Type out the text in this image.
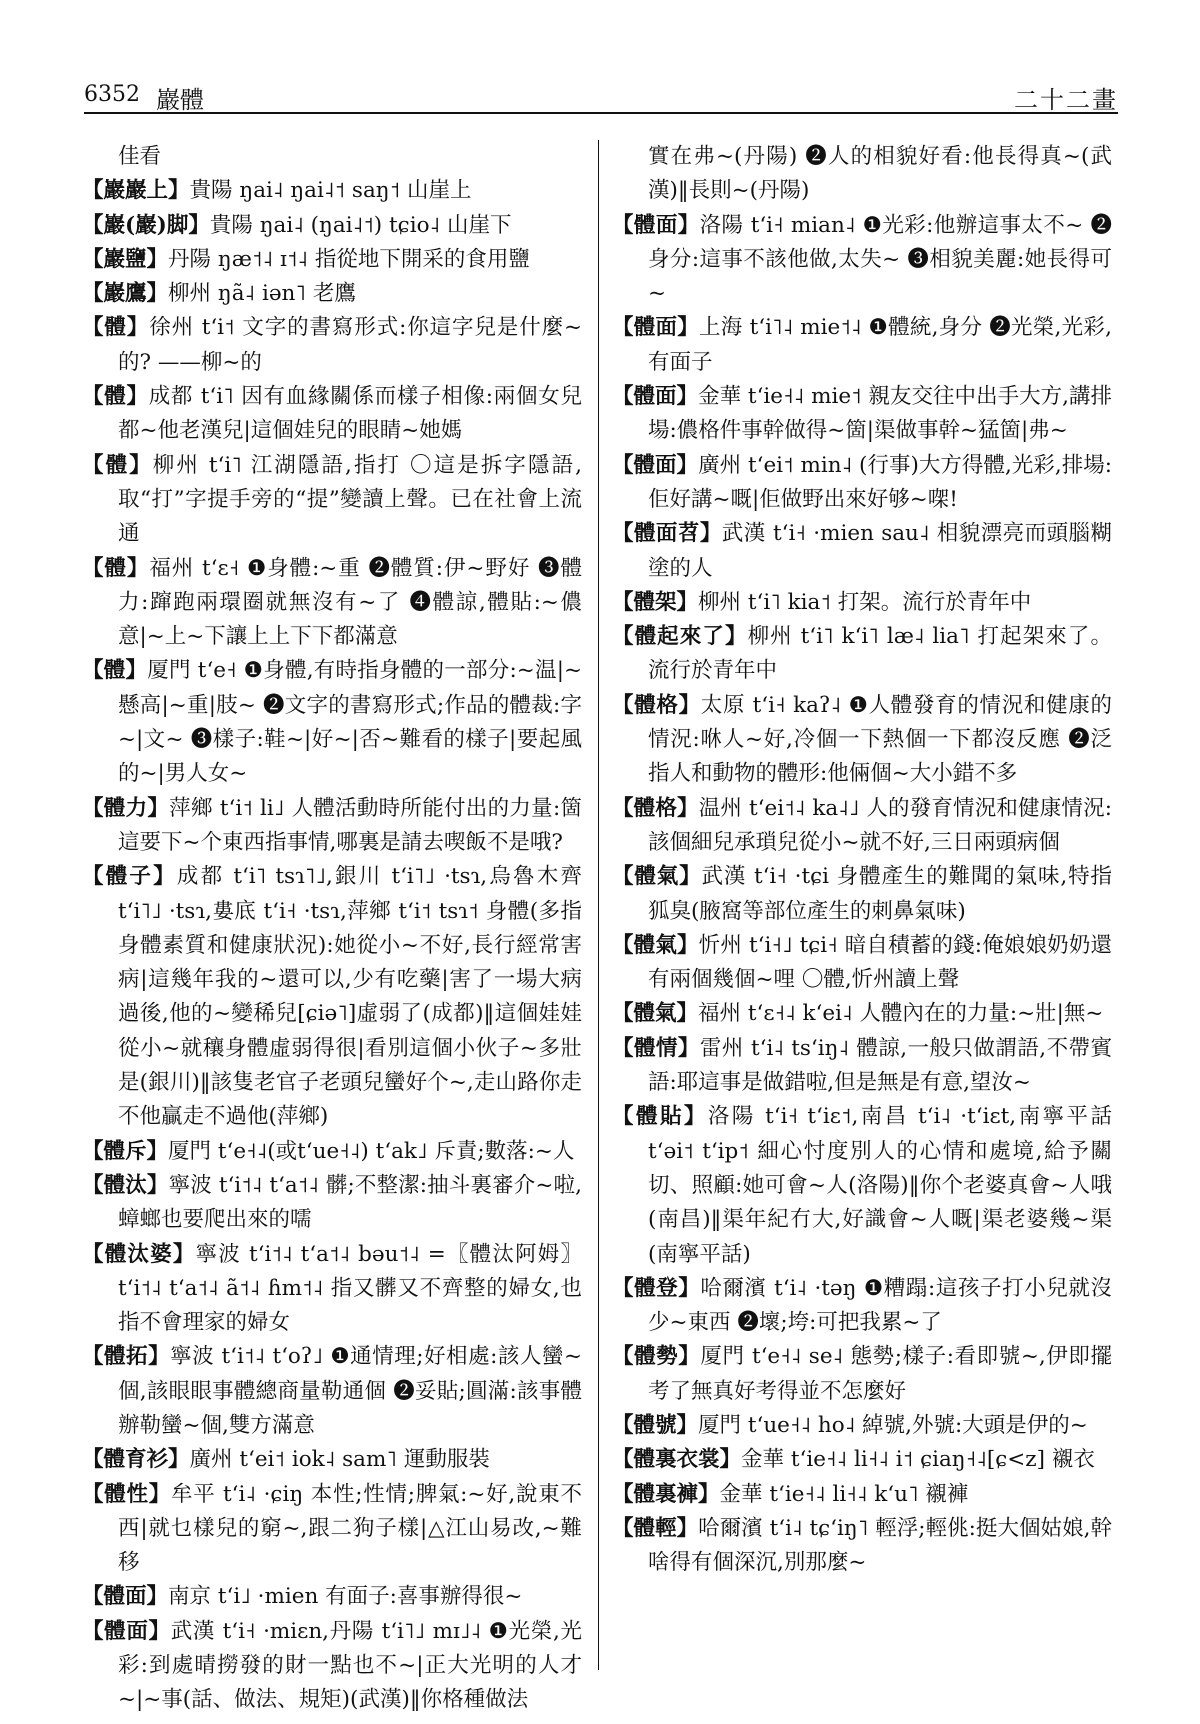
6352 巖體	二十二畫

佳看

【巖巖上】貴陽 ŋai˨ ŋai˨˦ saŋ˦ 山崖上

【巖(巖)脚】貴陽 ŋai˨ (ŋai˨˦) tɕio˨ 山崖下

【巖鹽】丹陽 ŋæ˦˨ ɪ˦˨ 指從地下開采的食用鹽

【巖鷹】柳州 ŋã˨ iən˥ 老鷹

【體】徐州 t‘i˦ 文字的書寫形式:你這字兒是什麼~的? ——柳~的

【體】成都 t‘i˥ 因有血緣關係而樣子相像:兩個女兒都~他老漢兒|這個娃兒的眼睛~她媽

【體】柳州 t‘i˥ 江湖隱語,指打 〇這是拆字隱語,取“打”字提手旁的“提”變讀上聲。已在社會上流通

【體】福州 t‘ɛ˧ ❶身體:~重 ❷體質:伊~野好 ❸體力:蹿跑兩環圈就無沒有~了 ❹體諒,體貼:~儂意|~上~下讓上上下下都滿意

【體】厦門 t‘e˧ ❶身體,有時指身體的一部分:~温|~懸高|~重|肢~ ❷文字的書寫形式;作品的體裁:字~|文~ ❸樣子:鞋~|好~|否~難看的樣子|要起風的~|男人女~

【體力】萍鄉 t‘i˦ li˩ 人體活動時所能付出的力量:箇這要下~个東西指事情,哪裏是請去喫飯不是哦?

【體子】成都 t‘i˥ tsɿ˥˩,銀川 t‘i˥˩ ·tsɿ,烏魯木齊 t‘i˥˩ ·tsɿ,婁底 t‘i˧ ·tsɿ,萍鄉 t‘i˦ tsɿ˦ 身體(多指身體素質和健康狀況):她從小~不好,長行經常害病|這幾年我的~還可以,少有吃藥|害了一場大病過後,他的~變稀兒[ɕiə˥]虛弱了(成都)‖這個娃娃從小~就穰身體虛弱得很|看別這個小伙子~多壯是(銀川)‖該隻老官子老頭兒蠻好个~,走山路你走不他贏走不過他(萍鄉)

【體斥】厦門 t‘e˧˨(或t‘ue˧˨) t‘ak˩ 斥責;數落:~人

【體汰】寧波 t‘i˦˨ t‘a˦˨ 髒;不整潔:抽斗裏審介~啦,蟑螂也要爬出來的嚅

【體汰婆】寧波 t‘i˦˨ t‘a˦˨ bəu˦˨ =〖體汰阿姆〗 t‘i˦˨ t‘a˦˨ ã˦˨ ɦm˦˨ 指又髒又不齊整的婦女,也指不會理家的婦女

【體拓】寧波 t‘i˦˨ t‘oʔ˩ ❶通情理;好相處:該人蠻~個,該眼眼事體總商量勒通個 ❷妥貼;圓滿:該事體辦勒蠻~個,雙方滿意

【體育衫】廣州 t‘ei˦ iok˨ sam˥ 運動服裝

【體性】牟平 t‘i˨ ·ɕiŋ 本性;性情;脾氣:~好,說東不西|就乜樣兒的窮~,跟二狗子樣|△江山易改,~難移

【體面】南京 t‘i˩ ·mien 有面子:喜事辦得很~

【體面】武漢 t‘i˧ ·miɛn,丹陽 t‘i˥˩ mɪ˩˨ ❶光榮,光彩:到處晴撈發的財一點也不~|正大光明的人才~|~事(話、做法、規矩)(武漢)‖你格種做法

實在弗~(丹陽) ❷人的相貌好看:他長得真~(武漢)‖長則~(丹陽)

【體面】洛陽 t‘i˧ mian˨ ❶光彩:他辦這事太不~ ❷身分:這事不該他做,太失~ ❸相貌美麗:她長得可~

【體面】上海 t‘i˥˨ mie˦˨ ❶體統,身分 ❷光榮,光彩,有面子

【體面】金華 t‘ie˧˨ mie˦ 親友交往中出手大方,講排場:儂格件事幹做得~箇|渠做事幹~猛箇|弗~

【體面】廣州 t‘ei˦ min˨ (行事)大方得體,光彩,排場:佢好講~嘅|佢做野出來好够~㗎!

【體面苕】武漢 t‘i˧ ·mien sau˨ 相貌漂亮而頭腦糊塗的人

【體架】柳州 t‘i˥ kia˦ 打架。流行於青年中

【體起來了】柳州 t‘i˥ k‘i˥ læ˨ lia˥ 打起架來了。流行於青年中

【體格】太原 t‘i˧ kaʔ˨ ❶人體發育的情況和健康的情況:咻人~好,冷個一下熱個一下都沒反應 ❷泛指人和動物的體形:他倆個~大小錯不多

【體格】温州 t‘ei˦˨ ka˨˩ 人的發育情況和健康情況:該個細兒承瑣兒從小~就不好,三日兩頭病個

【體氣】武漢 t‘i˧ ·tɕi 身體產生的難聞的氣味,特指狐臭(腋窩等部位產生的刺鼻氣味)

【體氣】忻州 t‘i˧˩ tɕi˧ 暗自積蓄的錢:俺娘娘奶奶還有兩個幾個~哩 〇體,忻州讀上聲

【體氣】福州 t‘ɛ˧˨ k‘ei˨ 人體內在的力量:~壯|無~

【體情】雷州 t‘i˨ ts‘iŋ˨ 體諒,一般只做謂語,不帶賓語:耶這事是做錯啦,但是無是有意,望汝~

【體貼】洛陽 t‘i˧ t‘iɛ˦,南昌 t‘i˨ ·t‘iɛt,南寧平話 t‘əi˦ t‘ip˦ 細心忖度別人的心情和處境,給予關切、照顧:她可會~人(洛陽)‖你个老婆真會~人哦(南昌)‖渠年紀冇大,好識會~人嘅|渠老婆幾~渠(南寧平話)

【體登】哈爾濱 t‘i˨ ·təŋ ❶糟蹋:這孩子打小兒就沒少~東西 ❷壞;垮:可把我累~了

【體勢】厦門 t‘e˧˨ se˨ 態勢;樣子:看即號~,伊即擺考了無真好考得並不怎麼好

【體號】厦門 t‘ue˧˨ ho˨ 綽號,外號:大頭是伊的~

【體裏衣裳】金華 t‘ie˧˨ li˧˨ i˦ ɕiaŋ˧˨[ɕ<z] 襯衣

【體裏褲】金華 t‘ie˧˨ li˧˨ k‘u˥ 襯褲

【體輕】哈爾濱 t‘i˨ tɕ‘iŋ˥ 輕浮;輕佻:挺大個姑娘,幹啥得有個深沉,別那麼~
